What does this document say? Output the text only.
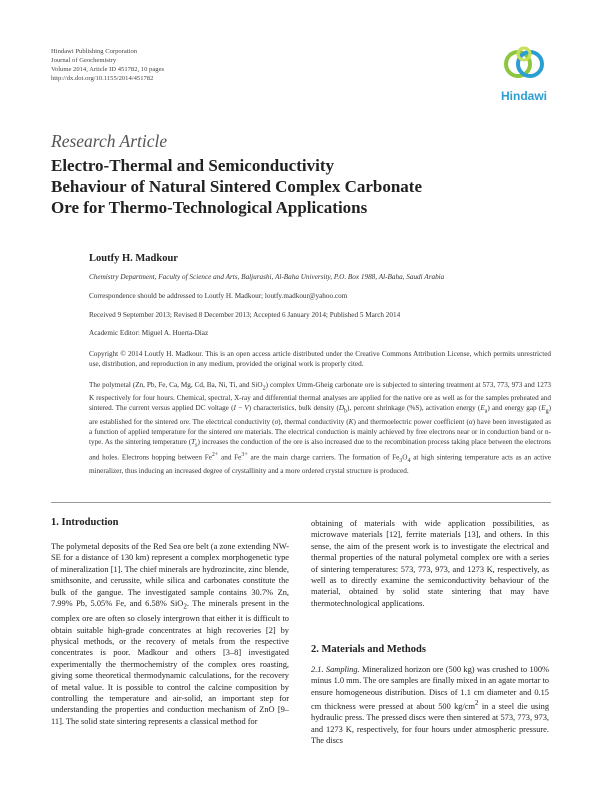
Hindawi Publishing Corporation
Journal of Geochemistry
Volume 2014, Article ID 451782, 10 pages
http://dx.doi.org/10.1155/2014/451782
Hindawi
Research Article
Electro-Thermal and Semiconductivity
Behaviour of Natural Sintered Complex Carbonate
Ore for Thermo-Technological Applications
Loutfy H. Madkour
Chemistry Department, Faculty of Science and Arts, Baljurashi, Al-Baha University, P.O. Box 1988, Al-Baha, Saudi Arabia
Correspondence should be addressed to Loutfy H. Madkour; loutfy.madkour@yahoo.com
Received 9 September 2013; Revised 8 December 2013; Accepted 6 January 2014; Published 5 March 2014
Academic Editor: Miguel A. Huerta-Diaz
Copyright © 2014 Loutfy H. Madkour. This is an open access article distributed under the Creative Commons Attribution License, which permits unrestricted use, distribution, and reproduction in any medium, provided the original work is properly cited.
The polymetal (Zn, Pb, Fe, Ca, Mg, Cd, Ba, Ni, Ti, and SiO$_2$) complex Umm-Gheig carbonate ore is subjected to sintering treatment at 573, 773, 973 and 1273 K respectively for four hours. Chemical, spectral, X-ray and differential thermal analyses are applied for the native ore as well as for the samples preheated and sintered. The current versus applied DC voltage (I − V) characteristics, bulk density $(D_b)$, percent shrinkage (%S), activation energy $(E_a)$ and energy gap $(E_g)$ are established for the sintered ore. The electrical conductivity (σ), thermal conductivity (K) and thermoelectric power coefficient (α) have been investigated as a function of applied temperature for the sintered ore materials. The electrical conduction is mainly achieved by free electrons near or in conduction band or n-type. As the sintering temperature $(T_s)$ increases the conduction of the ore is also increased due to the recombination process taking place between the electrons and holes. Electrons hopping between $Fe^{2+}$ and $Fe^{3+}$ are the main charge carriers. The formation of $Fe_3O_4$ at high sintering temperature acts as an active mineralizer, thus inducing an increased degree of crystallinity and a more ordered crystal structure is produced.
1. Introduction
The polymetal deposits of the Red Sea ore belt (a zone extending NW-SE for a distance of 130 km) represent a complex morphogenetic type of mineralization [1]. The chief minerals are hydrozincite, zinc blende, smithsonite, and cerussite, while silica and carbonates constitute the bulk of the gangue. The investigated sample contains 30.7% Zn, 7.99% Pb, 5.05% Fe, and 6.58% SiO$_2$. The minerals present in the complex ore are often so closely intergrown that either it is difficult to obtain suitable high-grade concentrates at high recoveries [2] by physical methods, or the recovery of metals from the respective concentrates is poor. Madkour and others [3–8] investigated experimentally the thermochemistry of the complex ores roasting, giving some theoretical thermodynamic calculations, for the recovery of metal value. It is possible to control the calcine composition by controlling the temperature and air-solid, an important step for understanding the properties and conduction mechanism of ZnO [9–11]. The solid state sintering represents a classical method for
obtaining of materials with wide application possibilities, as microwave materials [12], ferrite materials [13], and others. In this sense, the aim of the present work is to investigate the electrical and thermal properties of the natural polymetal complex ore with a series of sintering temperatures: 573, 773, 973, and 1273 K, respectively, as well as to directly examine the semiconductivity behaviour of the material, obtained by solid state sintering that may have thermotechnological applications.
2. Materials and Methods
2.1. Sampling. Mineralized horizon ore (500 kg) was crushed to 100% minus 1.0 mm. The ore samples are finally mixed in an agate mortar to ensure homogeneous distribution. Discs of 1.1 cm diameter and 0.15 cm thickness were pressed at about 500 $kg/cm^2$ in a steel die using hydraulic press. The pressed discs were then sintered at 573, 773, 973, and 1273 K, respectively, for four hours under atmospheric pressure. The discs
